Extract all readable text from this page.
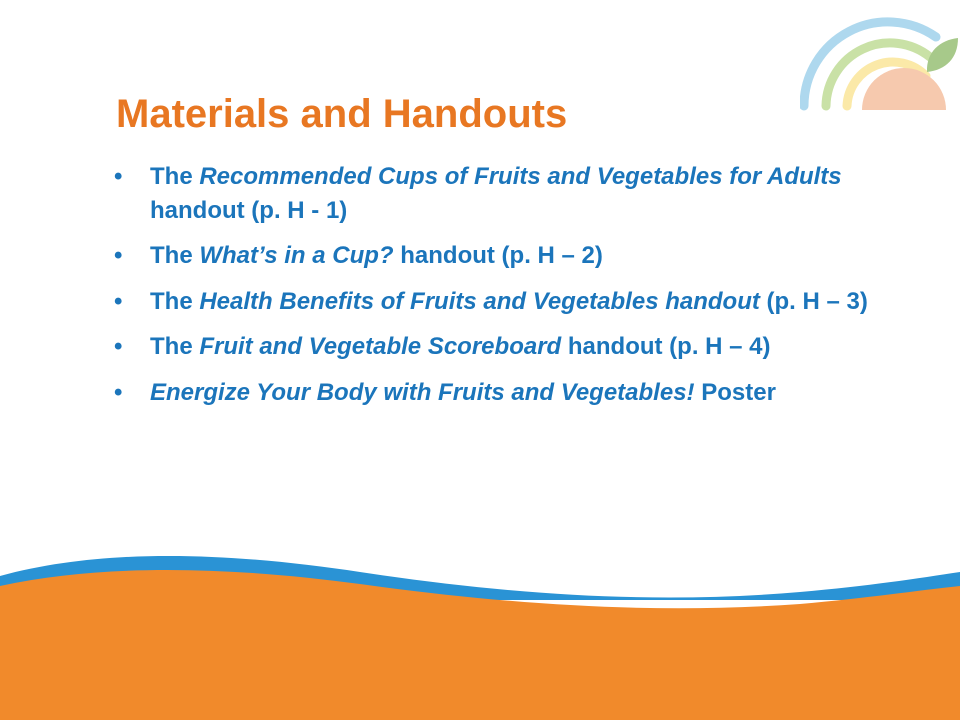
Materials and Handouts
• The Recommended Cups of Fruits and Vegetables for Adults handout (p. H - 1)
• The What’s in a Cup? handout (p. H – 2)
• The Health Benefits of Fruits and Vegetables handout (p. H – 3)
• The Fruit and Vegetable Scoreboard handout (p. H – 4)
• Energize Your Body with Fruits and Vegetables! Poster
